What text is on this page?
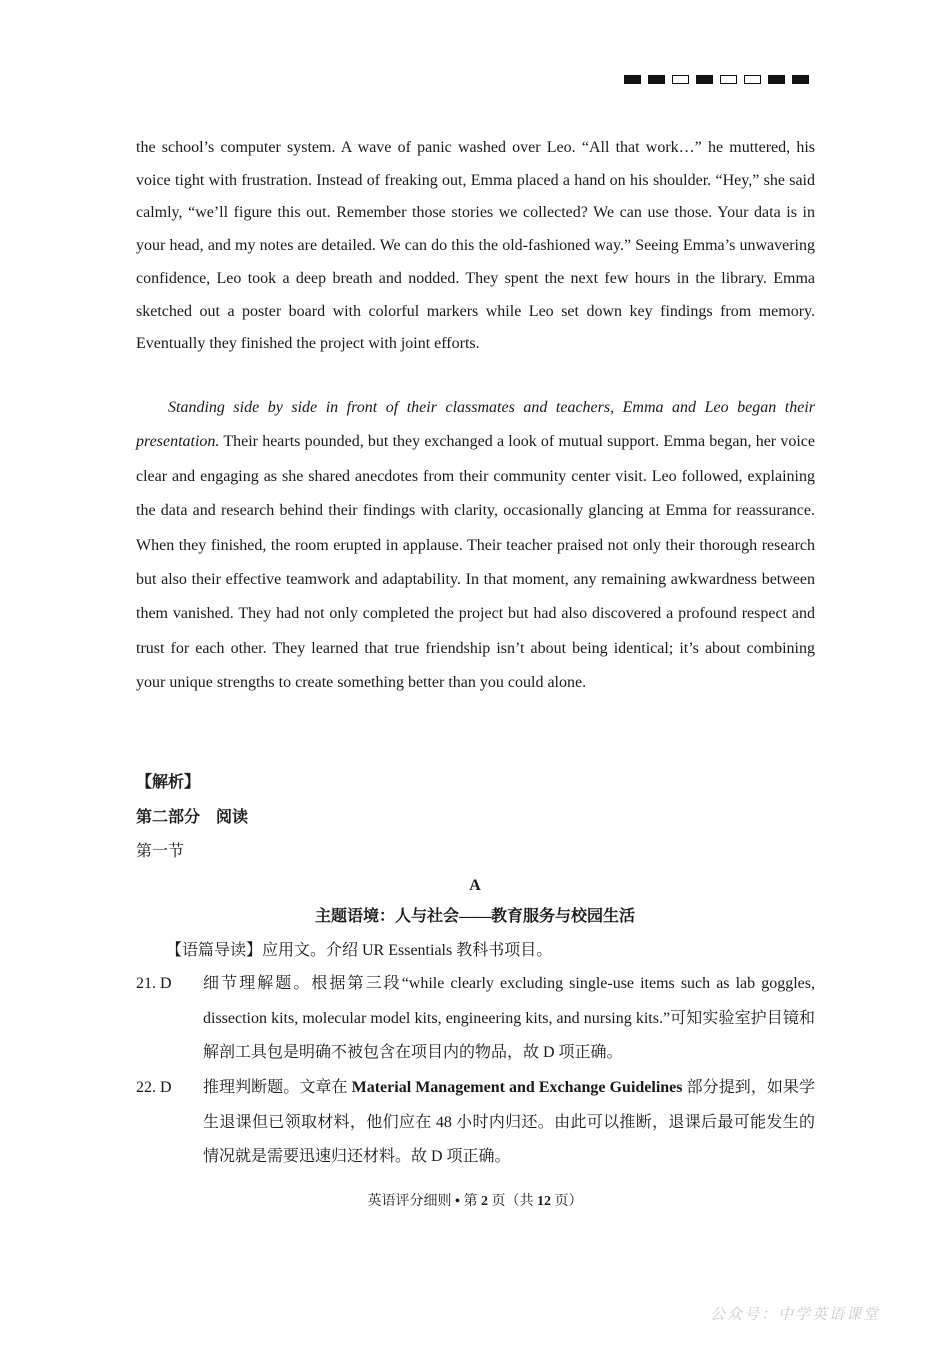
the school’s computer system. A wave of panic washed over Leo. “All that work…” he muttered, his voice tight with frustration. Instead of freaking out, Emma placed a hand on his shoulder. “Hey,” she said calmly, “we’ll figure this out. Remember those stories we collected? We can use those. Your data is in your head, and my notes are detailed. We can do this the old-fashioned way.” Seeing Emma’s unwavering confidence, Leo took a deep breath and nodded. They spent the next few hours in the library. Emma sketched out a poster board with colorful markers while Leo set down key findings from memory. Eventually they finished the project with joint efforts.

Standing side by side in front of their classmates and teachers, Emma and Leo began their presentation. Their hearts pounded, but they exchanged a look of mutual support. Emma began, her voice clear and engaging as she shared anecdotes from their community center visit. Leo followed, explaining the data and research behind their findings with clarity, occasionally glancing at Emma for reassurance. When they finished, the room erupted in applause. Their teacher praised not only their thorough research but also their effective teamwork and adaptability. In that moment, any remaining awkwardness between them vanished. They had not only completed the project but had also discovered a profound respect and trust for each other. They learned that true friendship isn’t about being identical; it’s about combining your unique strengths to create something better than you could alone.

【解析】
第二部分　阅读
第一节
A
主题语境：人与社会——教育服务与校园生活
【语篇导读】应用文。介绍 UR Essentials 教科书项目。
21. D 细节理解题。根据第三段“while clearly excluding single-use items such as lab goggles, dissection kits, molecular model kits, engineering kits, and nursing kits.”可知实验室护目镜和解剖工具包是明确不被包含在项目内的物品，故 D 项正确。
22. D 推理判断题。文章在 Material Management and Exchange Guidelines 部分提到，如果学生退课但已领取材料，他们应在 48 小时内归还。由此可以推断，退课后最可能发生的情况就是需要迅速归还材料。故 D 项正确。
英语评分细则 • 第 2 页（共 12 页）
公众号：中学英语课堂
